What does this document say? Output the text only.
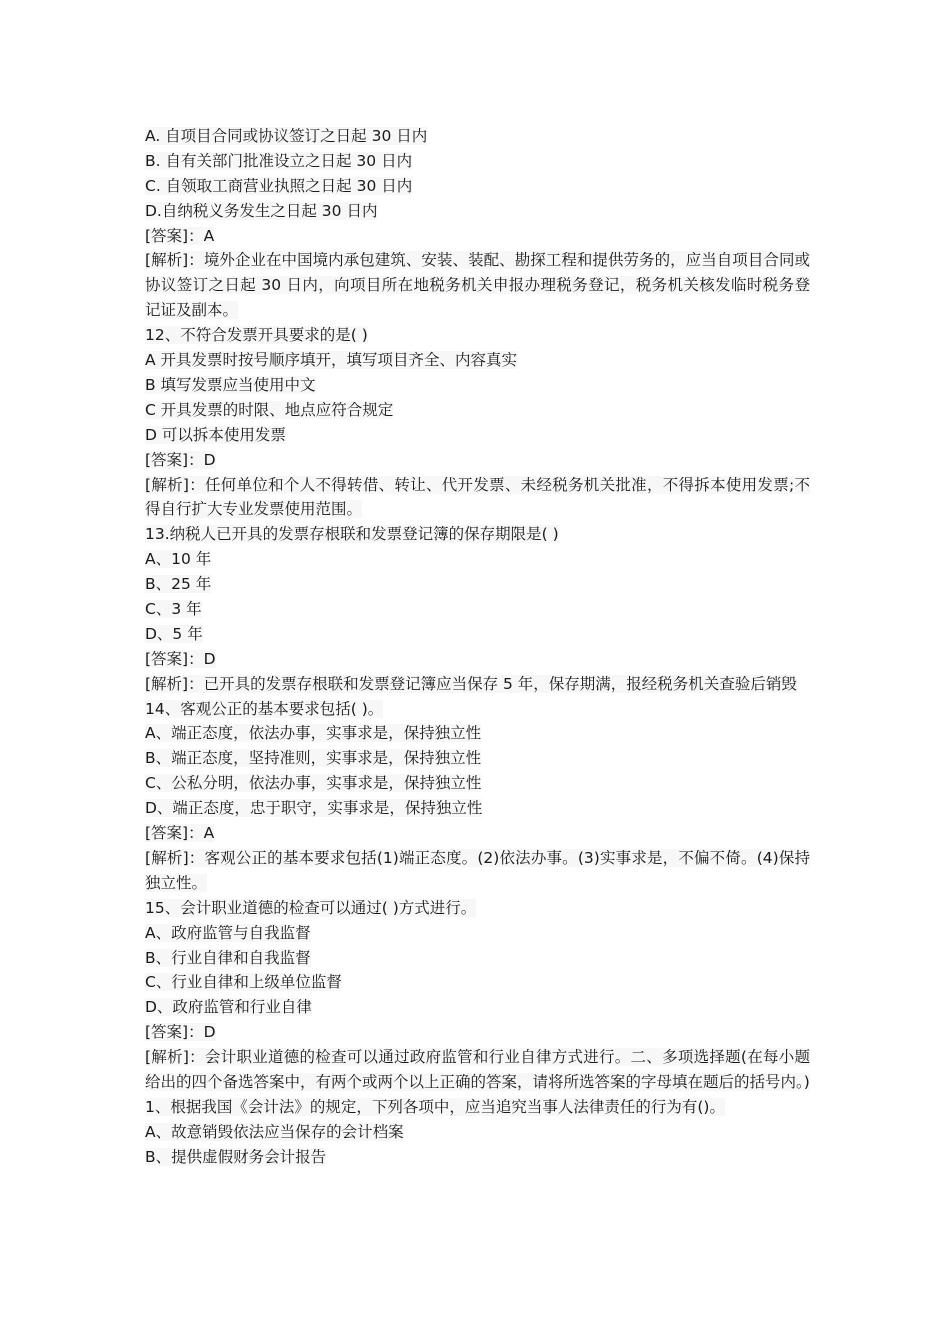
A. 自项目合同或协议签订之日起 30 日内
B. 自有关部门批准设立之日起 30 日内
C. 自领取工商营业执照之日起 30 日内
D.自纳税义务发生之日起 30 日内
[答案]：A
[解析]：境外企业在中国境内承包建筑、安装、装配、勘探工程和提供劳务的，应当自项目合同或协议签订之日起 30 日内，向项目所在地税务机关申报办理税务登记，税务机关核发临时税务登记证及副本。
12、不符合发票开具要求的是( )
A 开具发票时按号顺序填开，填写项目齐全、内容真实
B 填写发票应当使用中文
C 开具发票的时限、地点应符合规定
D 可以拆本使用发票
[答案]：D
[解析]：任何单位和个人不得转借、转让、代开发票、未经税务机关批准，不得拆本使用发票;不得自行扩大专业发票使用范围。
13.纳税人已开具的发票存根联和发票登记簿的保存期限是( )
A、10 年
B、25 年
C、3 年
D、5 年
[答案]：D
[解析]：已开具的发票存根联和发票登记簿应当保存 5 年，保存期满，报经税务机关查验后销毁
14、客观公正的基本要求包括( )。
A、端正态度，依法办事，实事求是，保持独立性
B、端正态度，坚持准则，实事求是，保持独立性
C、公私分明，依法办事，实事求是，保持独立性
D、端正态度，忠于职守，实事求是，保持独立性
[答案]：A
[解析]：客观公正的基本要求包括(1)端正态度。(2)依法办事。(3)实事求是，不偏不倚。(4)保持独立性。
15、会计职业道德的检查可以通过( )方式进行。
A、政府监管与自我监督
B、行业自律和自我监督
C、行业自律和上级单位监督
D、政府监管和行业自律
[答案]：D
[解析]：会计职业道德的检查可以通过政府监管和行业自律方式进行。二、多项选择题(在每小题给出的四个备选答案中，有两个或两个以上正确的答案，请将所选答案的字母填在题后的括号内。)
1、根据我国《会计法》的规定，下列各项中，应当追究当事人法律责任的行为有()。
A、故意销毁依法应当保存的会计档案
B、提供虚假财务会计报告
